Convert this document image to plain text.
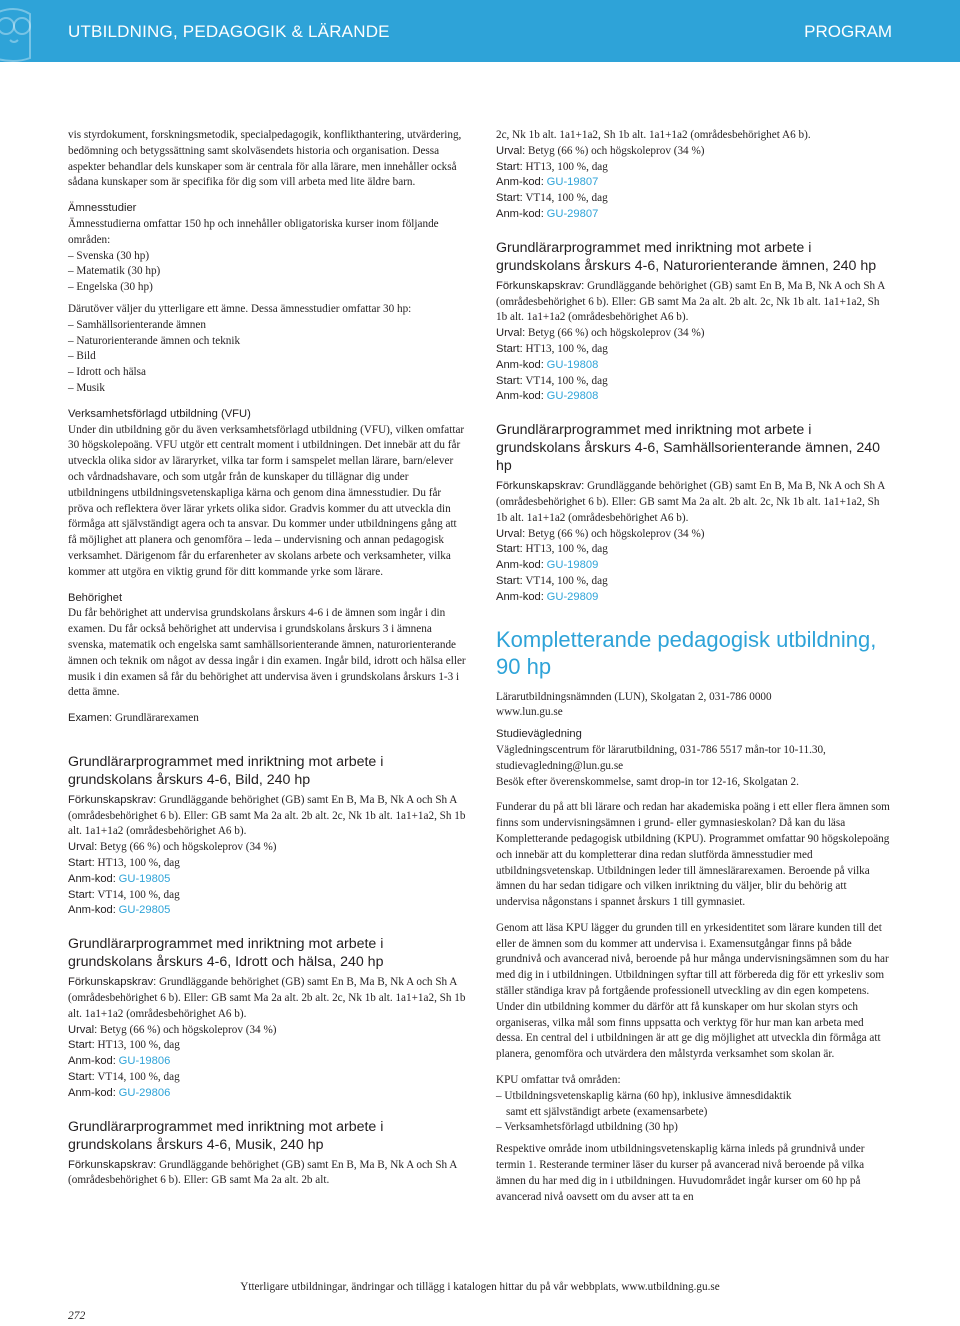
UTBILDNING, PEDAGOGIK & LÄRANDE	PROGRAM

vis styrdokument, forskningsmetodik, specialpedagogik, konflikthantering, utvärdering, bedömning och betygssättning samt skolväsendets historia och organisation. Dessa aspekter behandlar dels kunskaper som är centrala för alla lärare, men innehåller också sådana kunskaper som är specifika för dig som vill arbeta med lite äldre barn.

Ämnesstudier

Ämnesstudierna omfattar 150 hp och innehåller obligatoriska kurser inom följande områden:

– Svenska (30 hp)

– Matematik (30 hp)

– Engelska (30 hp)

Därutöver väljer du ytterligare ett ämne. Dessa ämnesstudier omfattar 30 hp:

– Samhällsorienterande ämnen

– Naturorienterande ämnen och teknik

– Bild

– Idrott och hälsa

– Musik

Verksamhetsförlagd utbildning (VFU)

Under din utbildning gör du även verksamhetsförlagd utbildning (VFU), vilken omfattar 30 högskolepoäng. VFU utgör ett centralt moment i utbildningen. Det innebär att du får utveckla olika sidor av läraryrket, vilka tar form i samspelet mellan lärare, barn/elever och vårdnadshavare, och som utgår från de kunskaper du tillägnar dig under utbildningens utbildningsvetenskapliga kärna och genom dina ämnesstudier. Du får pröva och reflektera över lärar yrkets olika sidor. Gradvis kommer du att utveckla din förmåga att självständigt agera och ta ansvar. Du kommer under utbildningens gång att få möjlighet att planera och genomföra – leda – undervisning och annan pedagogisk verksamhet. Därigenom får du erfarenheter av skolans arbete och verksamheter, vilka kommer att utgöra en viktig grund för ditt kommande yrke som lärare.

Behörighet

Du får behörighet att undervisa grundskolans årskurs 4-6 i de ämnen som ingår i din examen. Du får också behörighet att undervisa i grundskolans årskurs 3 i ämnena svenska, matematik och engelska samt samhällsorienterande ämnen, naturorienterande ämnen och teknik om något av dessa ingår i din examen. Ingår bild, idrott och hälsa eller musik i din examen så får du behörighet att undervisa även i grundskolans årskurs 1-3 i detta ämne.

Examen: Grundlärarexamen

Grundlärarprogrammet med inriktning mot arbete i grundskolans årskurs 4-6, Bild, 240 hp

Förkunskapskrav: Grundläggande behörighet (GB) samt En B, Ma B, Nk A och Sh A (områdesbehörighet 6 b). Eller: GB samt Ma 2a alt. 2b alt. 2c, Nk 1b alt. 1a1+1a2, Sh 1b alt. 1a1+1a2 (områdesbehörighet A6 b).

Urval: Betyg (66 %) och högskoleprov (34 %)

Start: HT13, 100 %, dag

Anm-kod: GU-19805

Start: VT14, 100 %, dag

Anm-kod: GU-29805

Grundlärarprogrammet med inriktning mot arbete i grundskolans årskurs 4-6, Idrott och hälsa, 240 hp

Förkunskapskrav: Grundläggande behörighet (GB) samt En B, Ma B, Nk A och Sh A (områdesbehörighet 6 b). Eller: GB samt Ma 2a alt. 2b alt. 2c, Nk 1b alt. 1a1+1a2, Sh 1b alt. 1a1+1a2 (områdesbehörighet A6 b).

Urval: Betyg (66 %) och högskoleprov (34 %)

Start: HT13, 100 %, dag

Anm-kod: GU-19806

Start: VT14, 100 %, dag

Anm-kod: GU-29806

Grundlärarprogrammet med inriktning mot arbete i grundskolans årskurs 4-6, Musik, 240 hp

Förkunskapskrav: Grundläggande behörighet (GB) samt En B, Ma B, Nk A och Sh A (områdesbehörighet 6 b). Eller: GB samt Ma 2a alt. 2b alt.

2c, Nk 1b alt. 1a1+1a2, Sh 1b alt. 1a1+1a2 (områdesbehörighet A6 b).

Urval: Betyg (66 %) och högskoleprov (34 %)

Start: HT13, 100 %, dag

Anm-kod: GU-19807

Start: VT14, 100 %, dag

Anm-kod: GU-29807

Grundlärarprogrammet med inriktning mot arbete i grundskolans årskurs 4-6, Naturorienterande ämnen, 240 hp

Förkunskapskrav: Grundläggande behörighet (GB) samt En B, Ma B, Nk A och Sh A (områdesbehörighet 6 b). Eller: GB samt Ma 2a alt. 2b alt. 2c, Nk 1b alt. 1a1+1a2, Sh 1b alt. 1a1+1a2 (områdesbehörighet A6 b).

Urval: Betyg (66 %) och högskoleprov (34 %)

Start: HT13, 100 %, dag

Anm-kod: GU-19808

Start: VT14, 100 %, dag

Anm-kod: GU-29808

Grundlärarprogrammet med inriktning mot arbete i grundskolans årskurs 4-6, Samhällsorienterande ämnen, 240 hp

Förkunskapskrav: Grundläggande behörighet (GB) samt En B, Ma B, Nk A och Sh A (områdesbehörighet 6 b). Eller: GB samt Ma 2a alt. 2b alt. 2c, Nk 1b alt. 1a1+1a2, Sh 1b alt. 1a1+1a2 (områdesbehörighet A6 b).

Urval: Betyg (66 %) och högskoleprov (34 %)

Start: HT13, 100 %, dag

Anm-kod: GU-19809

Start: VT14, 100 %, dag

Anm-kod: GU-29809

Kompletterande pedagogisk utbildning, 90 hp

Lärarutbildningsnämnden (LUN), Skolgatan 2, 031-786 0000

www.lun.gu.se

Studievägledning

Vägledningscentrum för lärarutbildning, 031-786 5517 mån-tor 10-11.30,

studievagledning@lun.gu.se

Besök efter överenskommelse, samt drop-in tor 12-16, Skolgatan 2.

Funderar du på att bli lärare och redan har akademiska poäng i ett eller flera ämnen som finns som undervisningsämnen i grund- eller gymnasieskolan? Då kan du läsa Kompletterande pedagogisk utbildning (KPU). Programmet omfattar 90 högskolepoäng och innebär att du kompletterar dina redan slutförda ämnesstudier med utbildningsvetenskap. Utbildningen leder till ämneslärarexamen. Beroende på vilka ämnen du har sedan tidigare och vilken inriktning du väljer, blir du behörig att undervisa någonstans i spannet årskurs 1 till gymnasiet.

Genom att läsa KPU lägger du grunden till en yrkesidentitet som lärare kunden till det eller de ämnen som du kommer att undervisa i. Examensutgångar finns på både grundnivå och avancerad nivå, beroende på hur många undervisningsämnen som du har med dig in i utbildningen. Utbildningen syftar till att förbereda dig för ett yrkesliv som ställer ständiga krav på fortgående professionell utveckling av din egen kompetens. Under din utbildning kommer du därför att få kunskaper om hur skolan styrs och organiseras, vilka mål som finns uppsatta och verktyg för hur man kan arbeta med dessa. En central del i utbildningen är att ge dig möjlighet att utveckla din förmåga att planera, genomföra och utvärdera den målstyrda verksamhet som skolan är.

KPU omfattar två områden:

– Utbildningsvetenskaplig kärna (60 hp), inklusive ämnesdidaktik

samt ett självständigt arbete (examensarbete)

– Verksamhetsförlagd utbildning (30 hp)

Respektive område inom utbildningsvetenskaplig kärna inleds på grundnivå under termin 1. Resterande terminer läser du kurser på avancerad nivå beroende på vilka ämnen du har med dig in i utbildningen. Huvudområdet ingår kurser om 60 hp på avancerad nivå oavsett om du avser att ta en

Ytterligare utbildningar, ändringar och tillägg i katalogen hittar du på vår webbplats, www.utbildning.gu.se
272
